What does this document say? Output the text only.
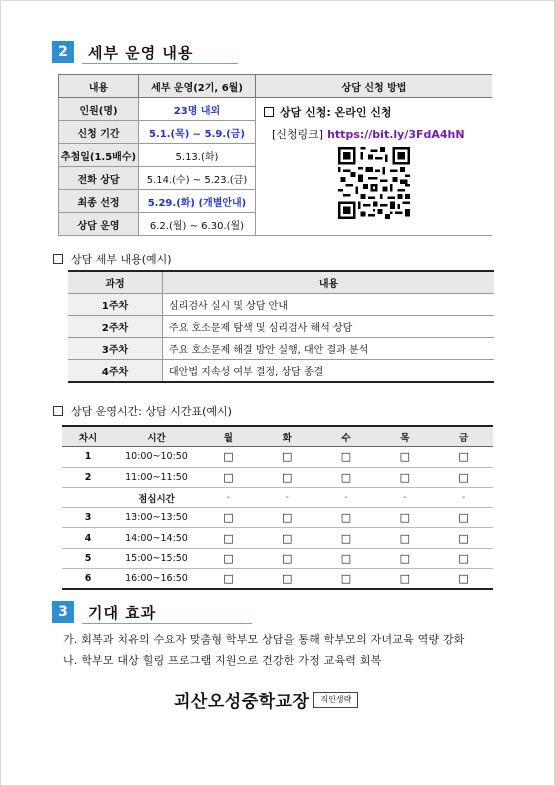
2	세부 운영 내용
내용	세부 운영(2기, 6월)	상담 신청 방법
인원(명)	23명 내외	상담 신청: 온라인 신청
[신청링크] https://bit.ly/3FdA4hN

신청 기간	5.1.(목) ~ 5.9.(금)	
추첨일(1.5배수)	5.13.(화)	
전화 상담	5.14.(수) ~ 5.23.(금)	
최종 선정	5.29.(화) (개별안내)	
상담 운영	6.2.(월) ~ 6.30.(월)	
상담 세부 내용(예시)
과정	내용
1주차	심리검사 실시 및 상담 안내
2주차	주요 호소문제 탐색 및 심리검사 해석 상담
3주차	주요 호소문제 해결 방안 실행, 대안 결과 분석
4주차	대안법 지속성 여부 결정, 상담 종결
상담 운영시간: 상담 시간표(예시)
차시	시간	월	화	수	목	금
1	10:00~10:50	□	□	□	□	□
2	11:00~11:50	□	□	□	□	□
	점심시간	-	-	-	-	-
3	13:00~13:50	□	□	□	□	□
4	14:00~14:50	□	□	□	□	□
5	15:00~15:50	□	□	□	□	□
6	16:00~16:50	□	□	□	□	□
3	기대 효과
가. 회복과 치유의 수요자 맞춤형 학부모 상담을 통해 학부모의 자녀교육 역량 강화
나. 학부모 대상 힐링 프로그램 지원으로 건강한 가정 교육력 회복
괴산오성중학교장	직인생략
